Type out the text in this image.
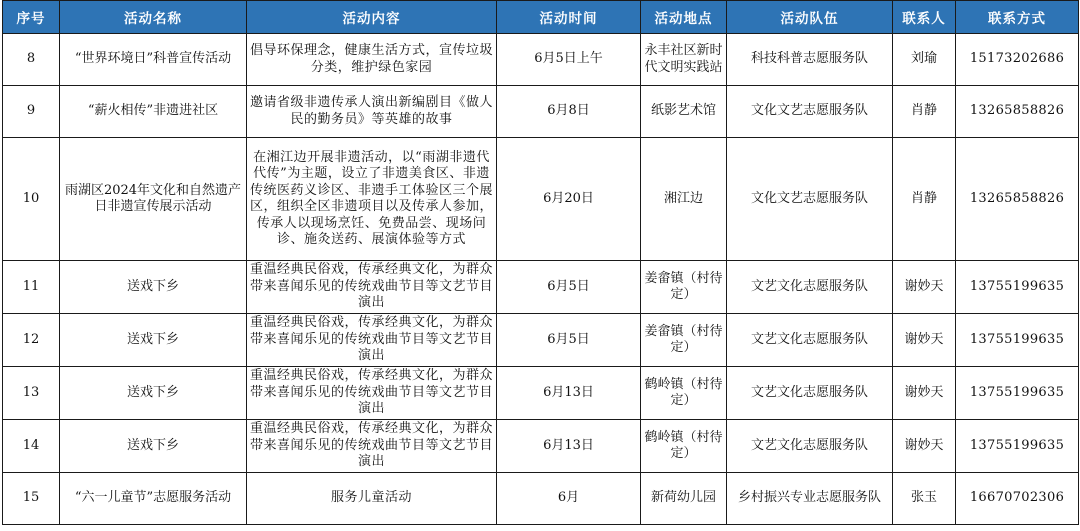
序号	活动名称	活动内容	活动时间	活动地点	活动队伍	联系人	联系方式
8	“世界环境日”科普宣传活动	倡导环保理念，健康生活方式，宣传垃圾分类，维护绿色家园	6月5日上午	永丰社区新时代文明实践站	科技科普志愿服务队	刘瑜	15173202686
9	“薪火相传”非遗进社区	邀请省级非遗传承人演出新编剧目《做人民的勤务员》等英雄的故事	6月8日	纸影艺术馆	文化文艺志愿服务队	肖静	13265858826
10	雨湖区2024年文化和自然遗产日非遗宣传展示活动	在湘江边开展非遗活动，以“雨湖非遗代代传”为主题，设立了非遗美食区、非遗传统医药义诊区、非遗手工体验区三个展区，组织全区非遗项目以及传承人参加，传承人以现场烹饪、免费品尝、现场问诊、施灸送药、展演体验等方式	6月20日	湘江边	文化文艺志愿服务队	肖静	13265858826
11	送戏下乡	重温经典民俗戏，传承经典文化，为群众带来喜闻乐见的传统戏曲节目等文艺节目演出	6月5日	姜畲镇（村待定）	文艺文化志愿服务队	谢妙天	13755199635
12	送戏下乡	重温经典民俗戏，传承经典文化，为群众带来喜闻乐见的传统戏曲节目等文艺节目演出	6月5日	姜畲镇（村待定）	文艺文化志愿服务队	谢妙天	13755199635
13	送戏下乡	重温经典民俗戏，传承经典文化，为群众带来喜闻乐见的传统戏曲节目等文艺节目演出	6月13日	鹤岭镇（村待定）	文艺文化志愿服务队	谢妙天	13755199635
14	送戏下乡	重温经典民俗戏，传承经典文化，为群众带来喜闻乐见的传统戏曲节目等文艺节目演出	6月13日	鹤岭镇（村待定）	文艺文化志愿服务队	谢妙天	13755199635
15	“六一儿童节”志愿服务活动	服务儿童活动	6月	新荷幼儿园	乡村振兴专业志愿服务队	张玉	16670702306
